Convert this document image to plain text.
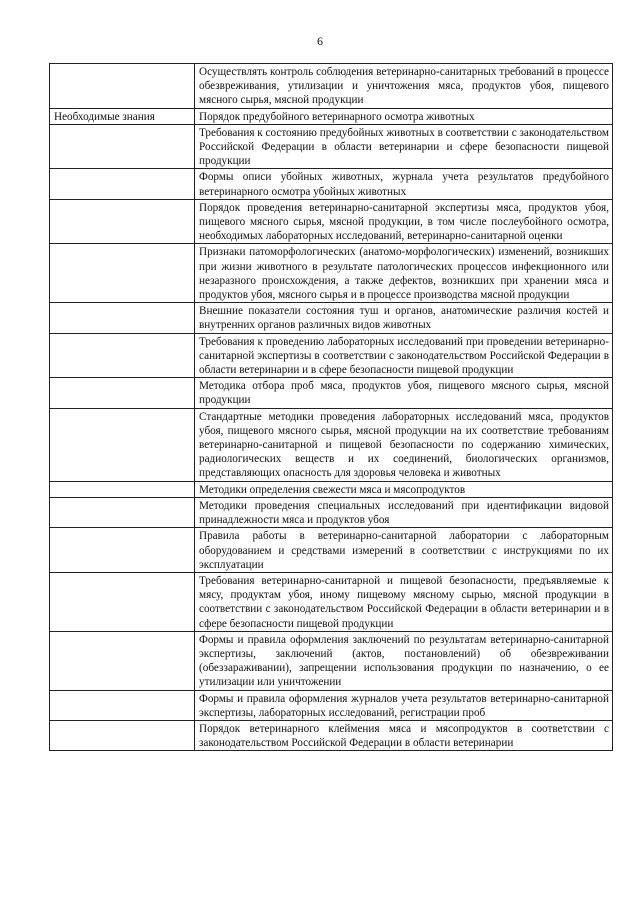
6
	Осуществлять контроль соблюдения ветеринарно-санитарных требований в процессе обезвреживания, утилизации и уничтожения мяса, продуктов убоя, пищевого мясного сырья, мясной продукции
Необходимые знания	Порядок предубойного ветеринарного осмотра животных
	Требования к состоянию предубойных животных в соответствии с законодательством Российской Федерации в области ветеринарии и сфере безопасности пищевой продукции
	Формы описи убойных животных, журнала учета результатов предубойного ветеринарного осмотра убойных животных
	Порядок проведения ветеринарно-санитарной экспертизы мяса, продуктов убоя, пищевого мясного сырья, мясной продукции, в том числе послеубойного осмотра, необходимых лабораторных исследований, ветеринарно-санитарной оценки
	Признаки патоморфологических (анатомо-морфологических) изменений, возникших при жизни животного в результате патологических процессов инфекционного или незаразного происхождения, а также дефектов, возникших при хранении мяса и продуктов убоя, мясного сырья и в процессе производства мясной продукции
	Внешние показатели состояния туш и органов, анатомические различия костей и внутренних органов различных видов животных
	Требования к проведению лабораторных исследований при проведении ветеринарно-санитарной экспертизы в соответствии с законодательством Российской Федерации в области ветеринарии и в сфере безопасности пищевой продукции
	Методика отбора проб мяса, продуктов убоя, пищевого мясного сырья, мясной продукции
	Стандартные методики проведения лабораторных исследований мяса, продуктов убоя, пищевого мясного сырья, мясной продукции на их соответствие требованиям ветеринарно-санитарной и пищевой безопасности по содержанию химических, радиологических веществ и их соединений, биологических организмов, представляющих опасность для здоровья человека и животных
	Методики определения свежести мяса и мясопродуктов
	Методики проведения специальных исследований при идентификации видовой принадлежности мяса и продуктов убоя
	Правила работы в ветеринарно-санитарной лаборатории с лабораторным оборудованием и средствами измерений в соответствии с инструкциями по их эксплуатации
	Требования ветеринарно-санитарной и пищевой безопасности, предъявляемые к мясу, продуктам убоя, иному пищевому мясному сырью, мясной продукции в соответствии с законодательством Российской Федерации в области ветеринарии и в сфере безопасности пищевой продукции
	Формы и правила оформления заключений по результатам ветеринарно-санитарной экспертизы, заключений (актов, постановлений) об обезвреживании (обеззараживании), запрещении использования продукции по назначению, о ее утилизации или уничтожении
	Формы и правила оформления журналов учета результатов ветеринарно-санитарной экспертизы, лабораторных исследований, регистрации проб
	Порядок ветеринарного клеймения мяса и мясопродуктов в соответствии с законодательством Российской Федерации в области ветеринарии
